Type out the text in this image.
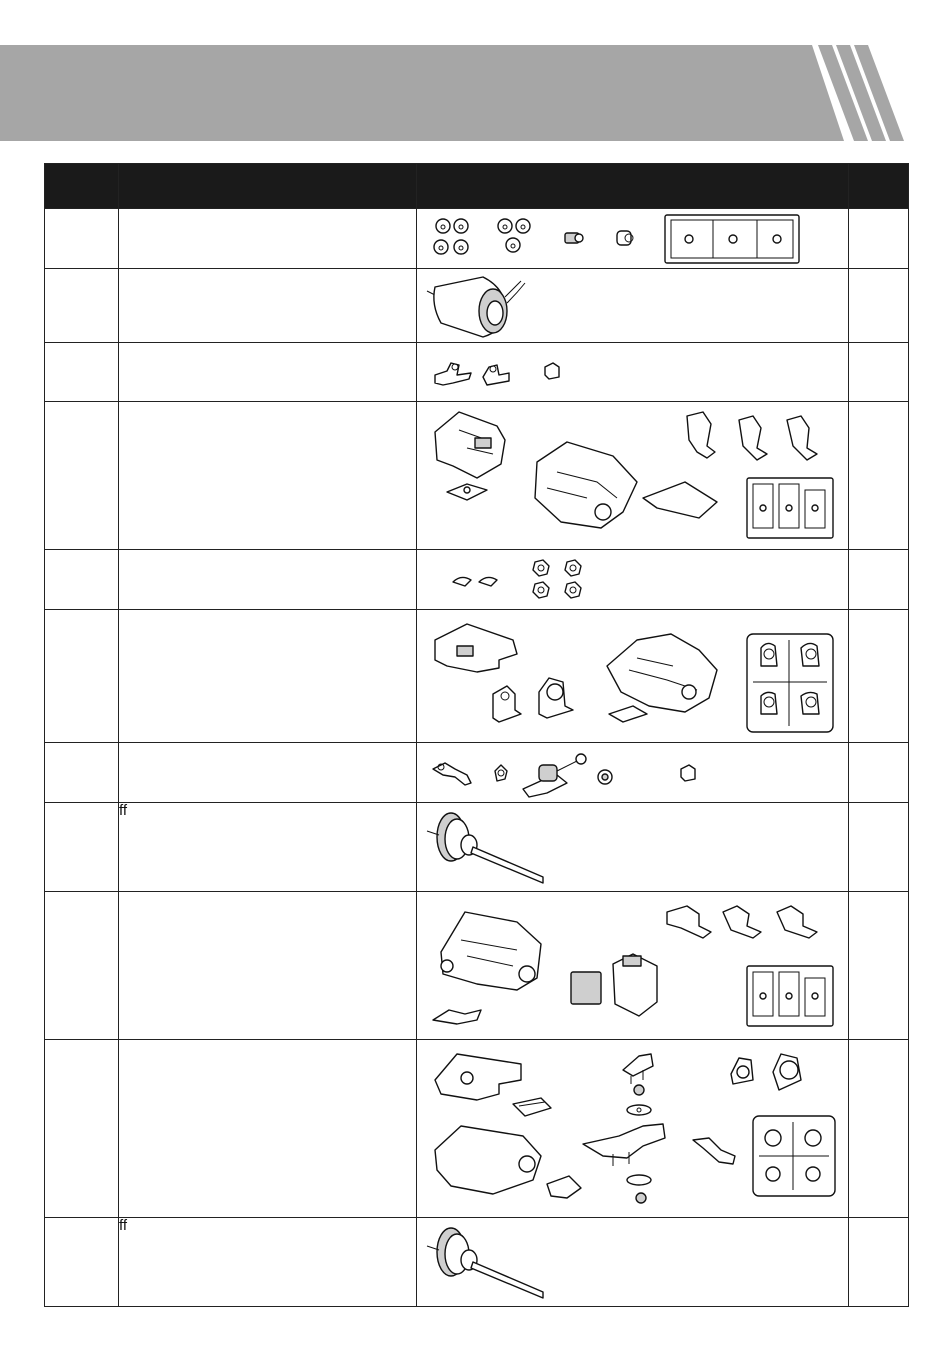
	ff	

	ff	
